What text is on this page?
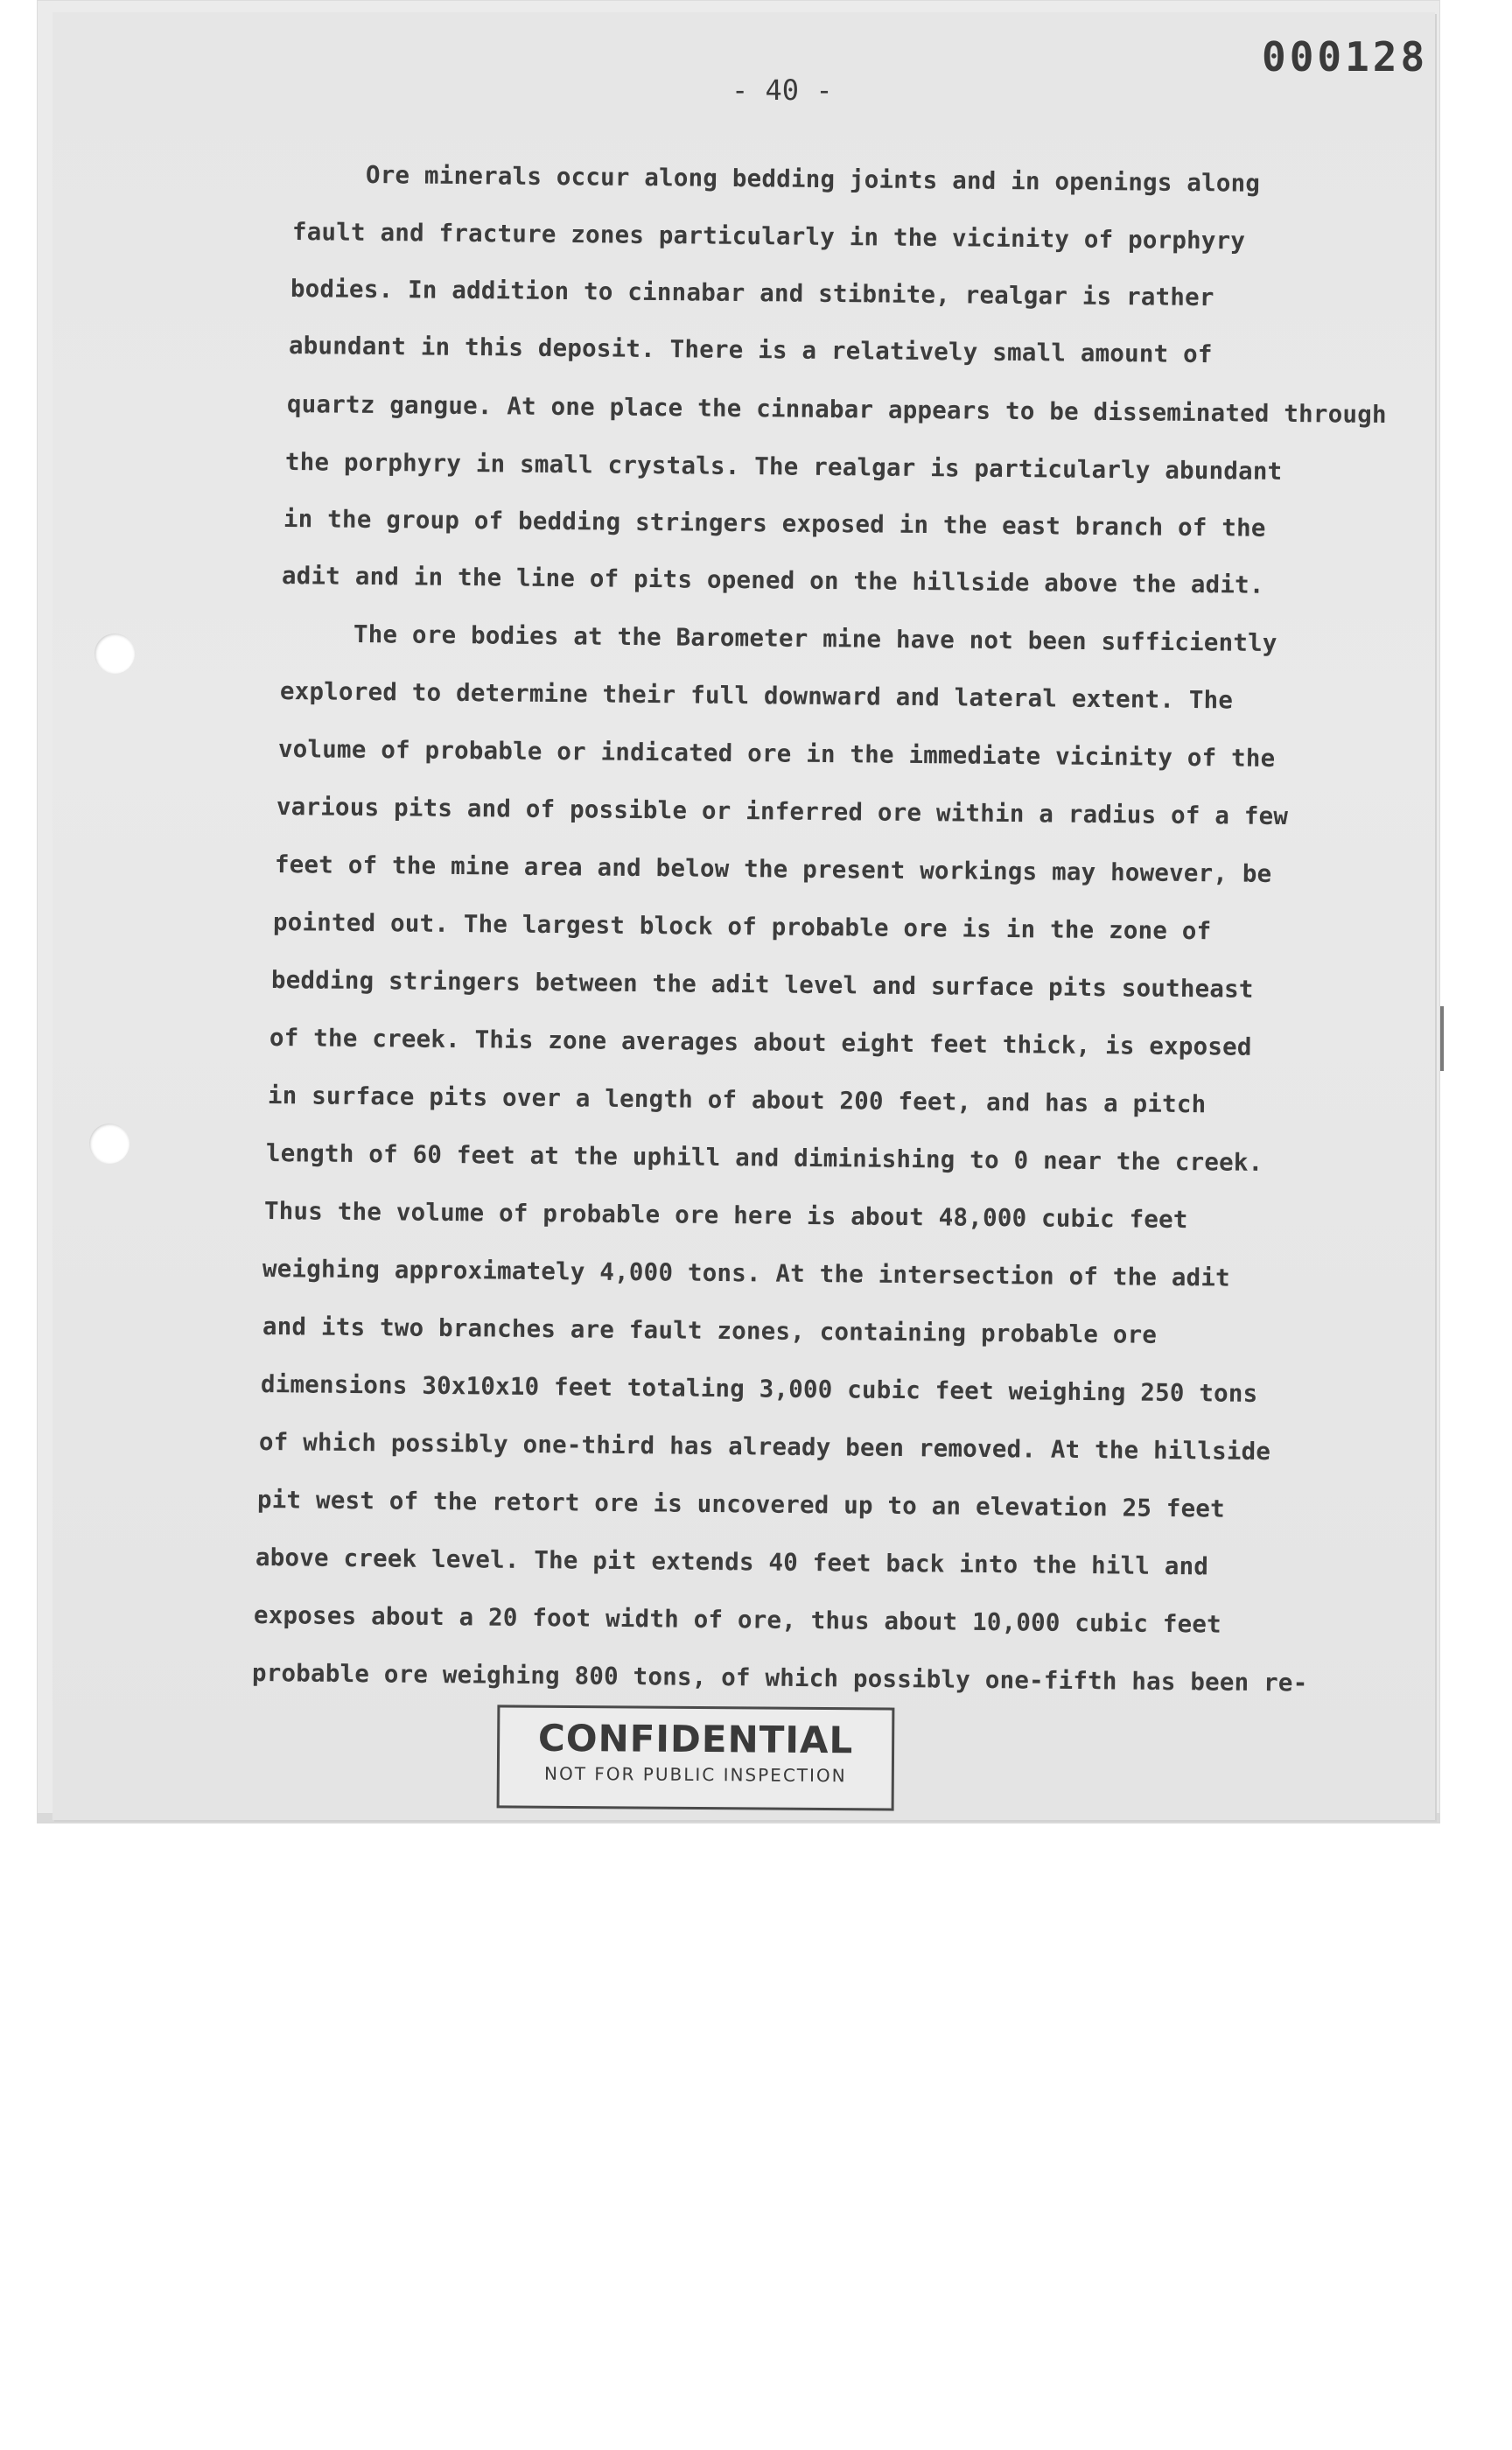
000128
- 40 -
Ore minerals occur along bedding joints and in openings along
fault and fracture zones particularly in the vicinity of porphyry
bodies. In addition to cinnabar and stibnite, realgar is rather
abundant in this deposit. There is a relatively small amount of
quartz gangue. At one place the cinnabar appears to be disseminated through
the porphyry in small crystals. The realgar is particularly abundant
in the group of bedding stringers exposed in the east branch of the
adit and in the line of pits opened on the hillside above the adit.
The ore bodies at the Barometer mine have not been sufficiently
explored to determine their full downward and lateral extent. The
volume of probable or indicated ore in the immediate vicinity of the
various pits and of possible or inferred ore within a radius of a few
feet of the mine area and below the present workings may however, be
pointed out. The largest block of probable ore is in the zone of
bedding stringers between the adit level and surface pits southeast
of the creek. This zone averages about eight feet thick, is exposed
in surface pits over a length of about 200 feet, and has a pitch
length of 60 feet at the uphill and diminishing to 0 near the creek.
Thus the volume of probable ore here is about 48,000 cubic feet
weighing approximately 4,000 tons. At the intersection of the adit
and its two branches are fault zones, containing probable ore
dimensions 30x10x10 feet totaling 3,000 cubic feet weighing 250 tons
of which possibly one-third has already been removed. At the hillside
pit west of the retort ore is uncovered up to an elevation 25 feet
above creek level. The pit extends 40 feet back into the hill and
exposes about a 20 foot width of ore, thus about 10,000 cubic feet
probable ore weighing 800 tons, of which possibly one-fifth has been re-
CONFIDENTIAL
NOT FOR PUBLIC INSPECTION
